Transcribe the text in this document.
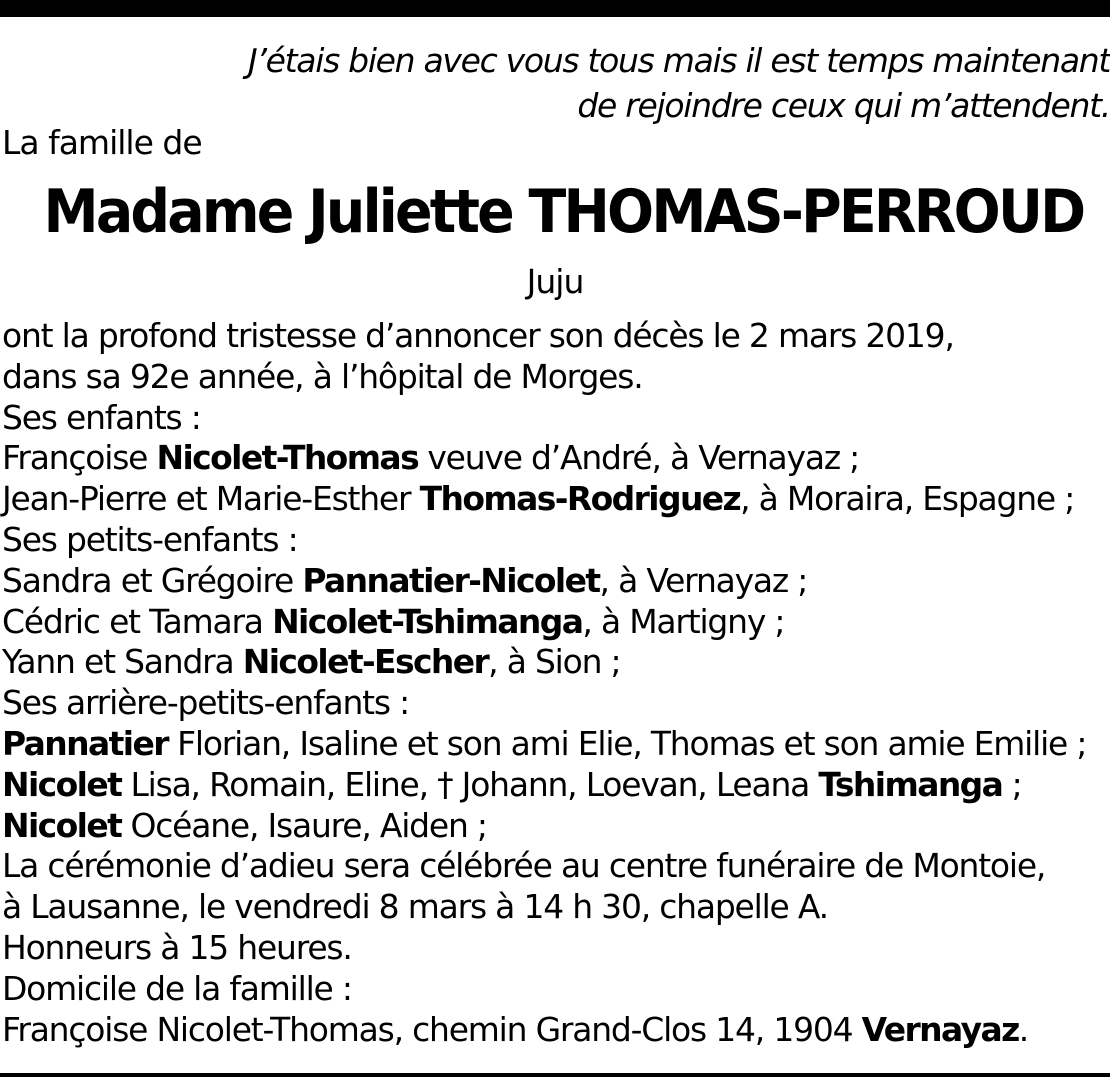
J’étais bien avec vous tous mais il est temps maintenant
de rejoindre ceux qui m’attendent.
La famille de
Madame Juliette THOMAS-PERROUD
Juju
ont la profond tristesse d’annoncer son décès le 2 mars 2019,
dans sa 92e année, à l’hôpital de Morges.
Ses enfants :
Françoise Nicolet-Thomas veuve d’André, à Vernayaz ;
Jean-Pierre et Marie-Esther Thomas-Rodriguez, à Moraira, Espagne ;
Ses petits-enfants :
Sandra et Grégoire Pannatier-Nicolet, à Vernayaz ;
Cédric et Tamara Nicolet-Tshimanga, à Martigny ;
Yann et Sandra Nicolet-Escher, à Sion ;
Ses arrière-petits-enfants :
Pannatier Florian, Isaline et son ami Elie, Thomas et son amie Emilie ;
Nicolet Lisa, Romain, Eline, † Johann, Loevan, Leana Tshimanga ;
Nicolet Océane, Isaure, Aiden ;
La cérémonie d’adieu sera célébrée au centre funéraire de Montoie,
à Lausanne, le vendredi 8 mars à 14 h 30, chapelle A.
Honneurs à 15 heures.
Domicile de la famille :
Françoise Nicolet-Thomas, chemin Grand-Clos 14, 1904 Vernayaz.
